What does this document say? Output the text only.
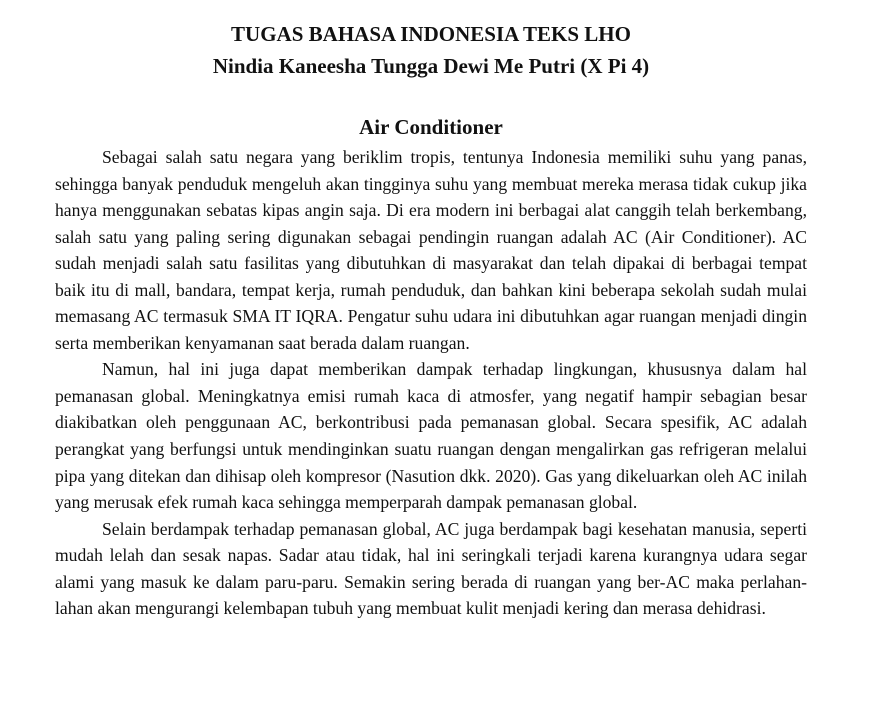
TUGAS BAHASA INDONESIA TEKS LHO
Nindia Kaneesha Tungga Dewi Me Putri (X Pi 4)
Air Conditioner

Sebagai salah satu negara yang beriklim tropis, tentunya Indonesia memiliki suhu yang panas, sehingga banyak penduduk mengeluh akan tingginya suhu yang membuat mereka merasa tidak cukup jika hanya menggunakan sebatas kipas angin saja. Di era modern ini berbagai alat canggih telah berkembang, salah satu yang paling sering digunakan sebagai pendingin ruangan adalah AC (Air Conditioner). AC sudah menjadi salah satu fasilitas yang dibutuhkan di masyarakat dan telah dipakai di berbagai tempat baik itu di mall, bandara, tempat kerja, rumah penduduk, dan bahkan kini beberapa sekolah sudah mulai memasang AC termasuk SMA IT IQRA. Pengatur suhu udara ini dibutuhkan agar ruangan menjadi dingin serta memberikan kenyamanan saat berada dalam ruangan.

Namun, hal ini juga dapat memberikan dampak terhadap lingkungan, khususnya dalam hal pemanasan global. Meningkatnya emisi rumah kaca di atmosfer, yang negatif hampir sebagian besar diakibatkan oleh penggunaan AC, berkontribusi pada pemanasan global. Secara spesifik, AC adalah perangkat yang berfungsi untuk mendinginkan suatu ruangan dengan mengalirkan gas refrigeran melalui pipa yang ditekan dan dihisap oleh kompresor (Nasution dkk. 2020). Gas yang dikeluarkan oleh AC inilah yang merusak efek rumah kaca sehingga memperparah dampak pemanasan global.

Selain berdampak terhadap pemanasan global, AC juga berdampak bagi kesehatan manusia, seperti mudah lelah dan sesak napas. Sadar atau tidak, hal ini seringkali terjadi karena kurangnya udara segar alami yang masuk ke dalam paru-paru. Semakin sering berada di ruangan yang ber-AC maka perlahan-lahan akan mengurangi kelembapan tubuh yang membuat kulit menjadi kering dan merasa dehidrasi.
